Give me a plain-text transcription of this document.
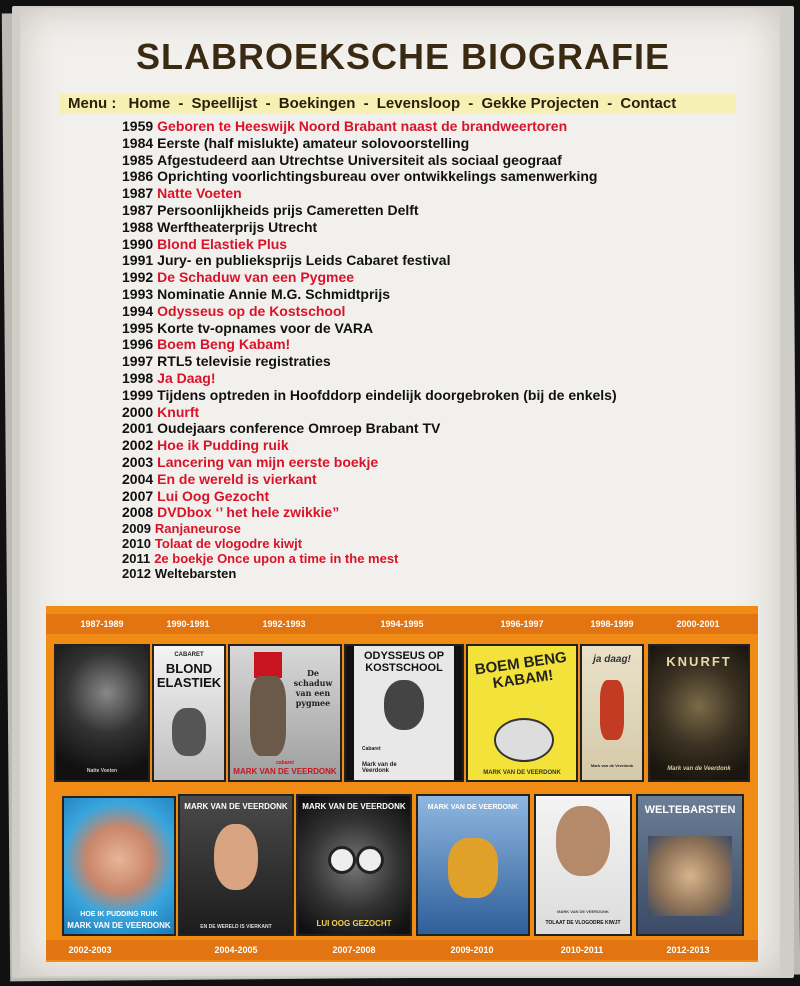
SLABROEKSCHE BIOGRAFIE
Menu : Home - Speellijst - Boekingen - Levensloop - Gekke Projecten - Contact
1959 Geboren te Heeswijk Noord Brabant naast de brandweertoren
1984 Eerste (half mislukte) amateur solovoorstelling
1985 Afgestudeerd aan Utrechtse Universiteit als sociaal geograaf
1986 Oprichting voorlichtingsbureau over ontwikkelings samenwerking
1987 Natte Voeten
1987 Persoonlijkheids prijs Cameretten Delft
1988 Werftheaterprijs Utrecht
1990 Blond Elastiek Plus
1991 Jury- en publieksprijs Leids Cabaret festival
1992 De Schaduw van een Pygmee
1993 Nominatie Annie M.G. Schmidtprijs
1994 Odysseus op de Kostschool
1995 Korte tv-opnames voor de VARA
1996 Boem Beng Kabam!
1997 RTL5 televisie registraties
1998 Ja Daag!
1999 Tijdens optreden in Hoofddorp eindelijk doorgebroken (bij de enkels)
2000 Knurft
2001 Oudejaars conference Omroep Brabant TV
2002 Hoe ik Pudding ruik
2003 Lancering van mijn eerste boekje
2004 En de wereld is vierkant
2007 Lui Oog Gezocht
2008 DVDbox ‘’ het hele zwikkie”
2009 Ranjaneurose
2010 Tolaat de vlogodre kiwjt
2011 2e boekje Once upon a time in the mest
2012 Weltebarsten
1987-1989	1990-1991	1992-1993	1994-1995	1996-1997	1998-1999	2000-2001
2002-2003	2004-2005	2007-2008	2009-2010	2010-2011	2012-2013
Natte Voeten
CABARET
BLOND ELASTIEK
De schaduw van een pygmee
cabaret
MARK VAN DE VEERDONK
ODYSSEUS OP KOSTSCHOOL
Cabaret
Mark van de Veerdonk
BOEM BENG KABAM!
MARK VAN DE VEERDONK
ja daag!
Mark van de Veerdonk
KNURFT
Mark van de Veerdonk
HOE IK PUDDING RUIK
MARK VAN DE VEERDONK
MARK VAN DE VEERDONK
EN DE WERELD IS VIERKANT
MARK VAN DE VEERDONK
LUI OOG GEZOCHT
MARK VAN DE VEERDONK
MARK VAN DE VEERDONK
TOLAAT DE VLOGODRE KIWJT
WELTEBARSTEN
